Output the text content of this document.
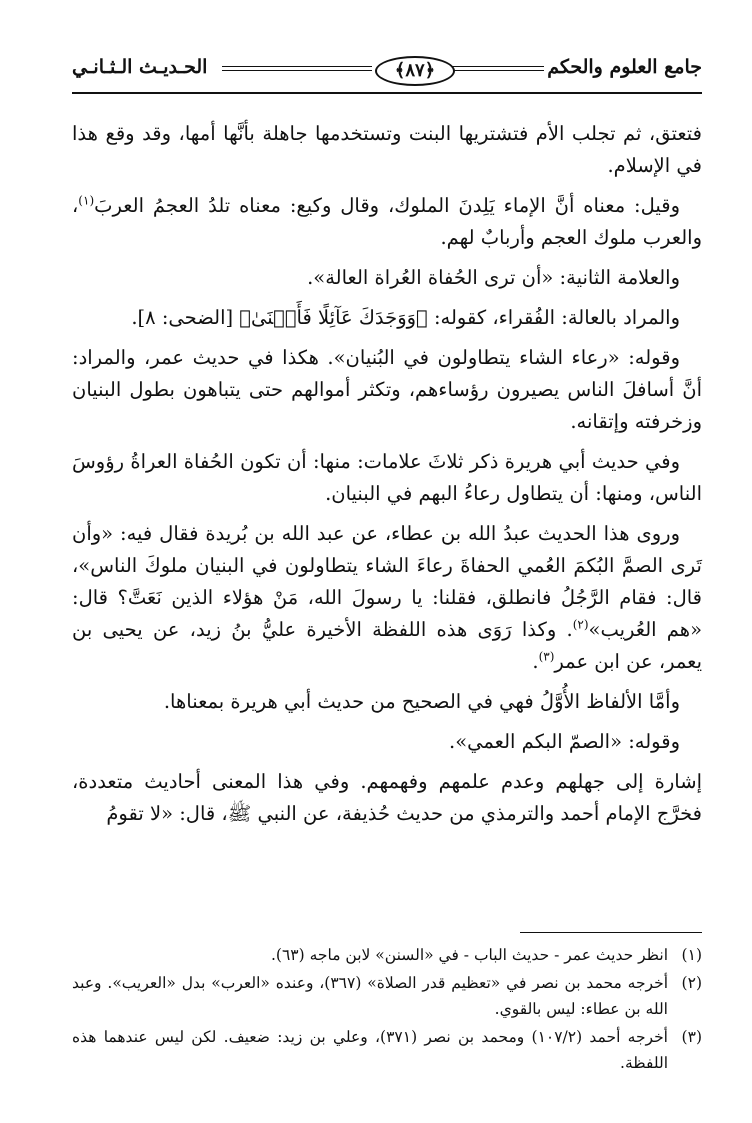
جامع العلوم والحكم
﴿٨٧﴾
الحـديـث الـثـانـي

فتعتق، ثم تجلب الأم فتشتريها البنت وتستخدمها جاهلة بأنَّها أمها، وقد وقع هذا في الإسلام.

وقيل: معناه أنَّ الإماء يَلِدنَ الملوك، وقال وكيع: معناه تلدُ العجمُ العربَ$^{(١)}$، والعرب ملوك العجم وأربابٌ لهم.

والعلامة الثانية: «أن ترى الحُفاة العُراة العالة».

والمراد بالعالة: الفُقراء، كقوله: ﴿وَوَجَدَكَ عَآئِلًا فَأَغۡنَىٰ﴾ [الضحى: ٨].

وقوله: «رعاء الشاء يتطاولون في البُنيان». هكذا في حديث عمر، والمراد: أنَّ أسافلَ الناس يصيرون رؤساءهم، وتكثر أموالهم حتى يتباهون بطول البنيان وزخرفته وإتقانه.

وفي حديث أبي هريرة ذكر ثلاثَ علامات: منها: أن تكون الحُفاة العراةُ رؤوسَ الناس، ومنها: أن يتطاول رعاءُ البهم في البنيان.

وروى هذا الحديث عبدُ الله بن عطاء، عن عبد الله بن بُريدة فقال فيه: «وأن تَرى الصمَّ البُكمَ العُمي الحفاةَ رعاءَ الشاء يتطاولون في البنيان ملوكَ الناس»، قال: فقام الرَّجُلُ فانطلق، فقلنا: يا رسولَ الله، مَنْ هؤلاء الذين نَعَتَّ؟ قال: «هم العُريب»$^{(٢)}$. وكذا رَوَى هذه اللفظة الأخيرة عليُّ بنُ زيد، عن يحيى بن يعمر، عن ابن عمر$^{(٣)}$.

وأمَّا الألفاظ الأُوَّلُ فهي في الصحيح من حديث أبي هريرة بمعناها.

وقوله: «الصمّ البكم العمي».

إشارة إلى جهلهم وعدم علمهم وفهمهم. وفي هذا المعنى أحاديث متعددة، فخرَّج الإمام أحمد والترمذي من حديث حُذيفة، عن النبي ﷺ، قال: «لا تقومُ

(١)
انظر حديث عمر - حديث الباب - في «السنن» لابن ماجه (٦٣).
(٢)
أخرجه محمد بن نصر في «تعظيم قدر الصلاة» (٣٦٧)، وعنده «العرب» بدل «العريب». وعبد الله بن عطاء: ليس بالقوي.
(٣)
أخرجه أحمد (١٠٧/٢) ومحمد بن نصر (٣٧١)، وعلي بن زيد: ضعيف. لكن ليس عندهما هذه اللفظة.
